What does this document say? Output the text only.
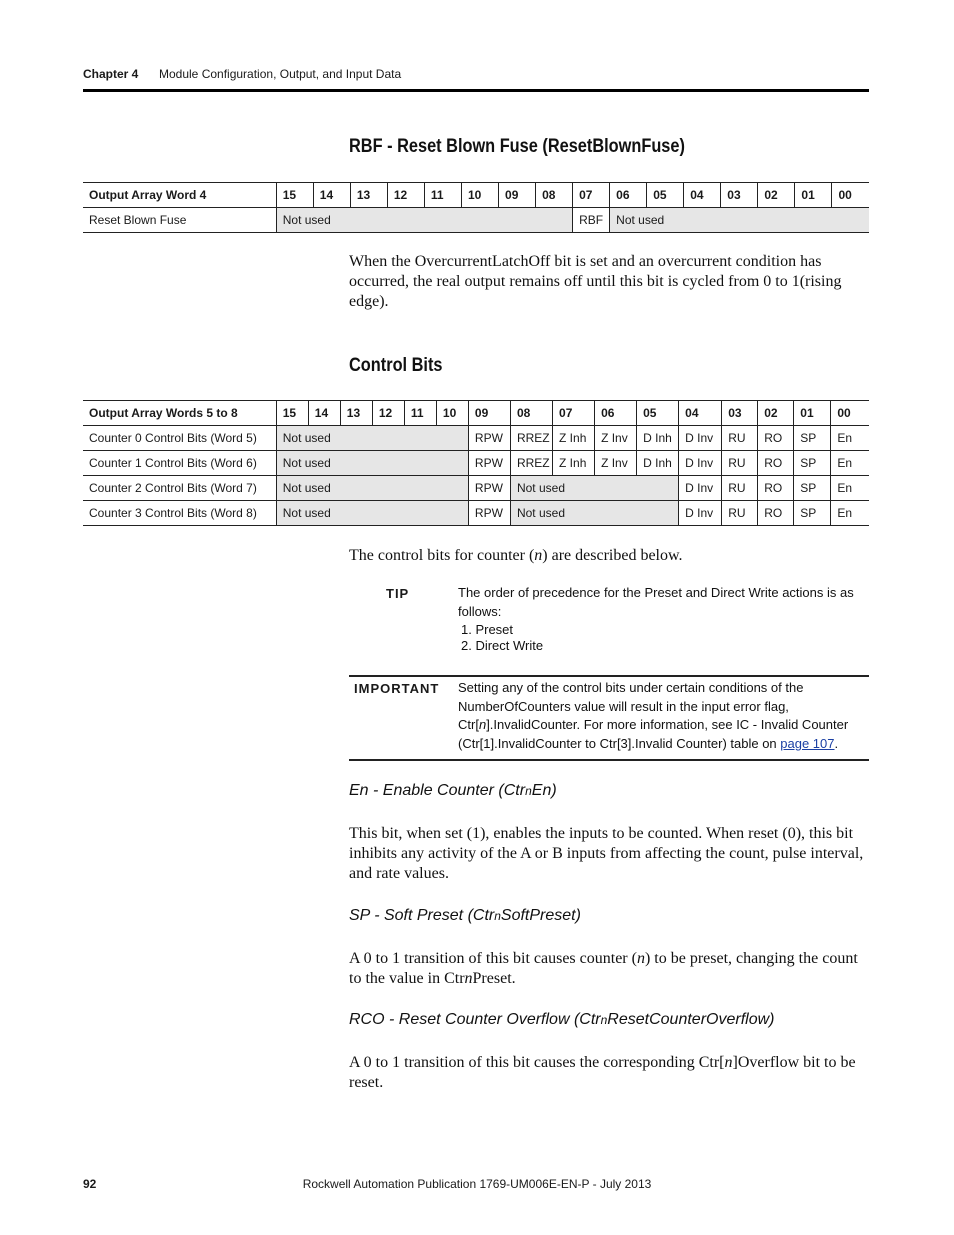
Chapter 4 Module Configuration, Output, and Input Data
RBF - Reset Blown Fuse (ResetBlownFuse)
Output Array Word 4	15	14	13	12	11	10	09	08	07	06	05	04	03	02	01	00
Reset Blown Fuse	Not used								RBF	Not used						
When the OvercurrentLatchOff bit is set and an overcurrent condition has occurred, the real output remains off until this bit is cycled from 0 to 1(rising edge).
Control Bits
Output Array Words 5 to 8	15	14	13	12	11	10	09	08	07	06	05	04	03	02	01	00
Counter 0 Control Bits (Word 5)	Not used						RPW	RREZ	Z Inh	Z Inv	D Inh	D Inv	RU	RO	SP	En
Counter 1 Control Bits (Word 6)	Not used						RPW	RREZ	Z Inh	Z Inv	D Inh	D Inv	RU	RO	SP	En
Counter 2 Control Bits (Word 7)	Not used						RPW	Not used				D Inv	RU	RO	SP	En
Counter 3 Control Bits (Word 8)	Not used						RPW	Not used				D Inv	RU	RO	SP	En
The control bits for counter (n) are described below.
TIP	The order of precedence for the Preset and Direct Write actions is as follows:
1. Preset
2. Direct Write
IMPORTANT Setting any of the control bits under certain conditions of the
NumberOfCounters value will result in the input error flag,
Ctr[n].InvalidCounter. For more information, see IC - Invalid Counter
(Ctr[1].InvalidCounter to Ctr[3].Invalid Counter) table on page 107.
En - Enable Counter (CtrnEn)
This bit, when set (1), enables the inputs to be counted. When reset (0), this bit inhibits any activity of the A or B inputs from affecting the count, pulse interval, and rate values.
SP - Soft Preset (CtrnSoftPreset)
A 0 to 1 transition of this bit causes counter (n) to be preset, changing the count to the value in CtrnPreset.
RCO - Reset Counter Overflow (CtrnResetCounterOverflow)
A 0 to 1 transition of this bit causes the corresponding Ctr[n]Overflow bit to be reset.
92	Rockwell Automation Publication 1769-UM006E-EN-P - July 2013
